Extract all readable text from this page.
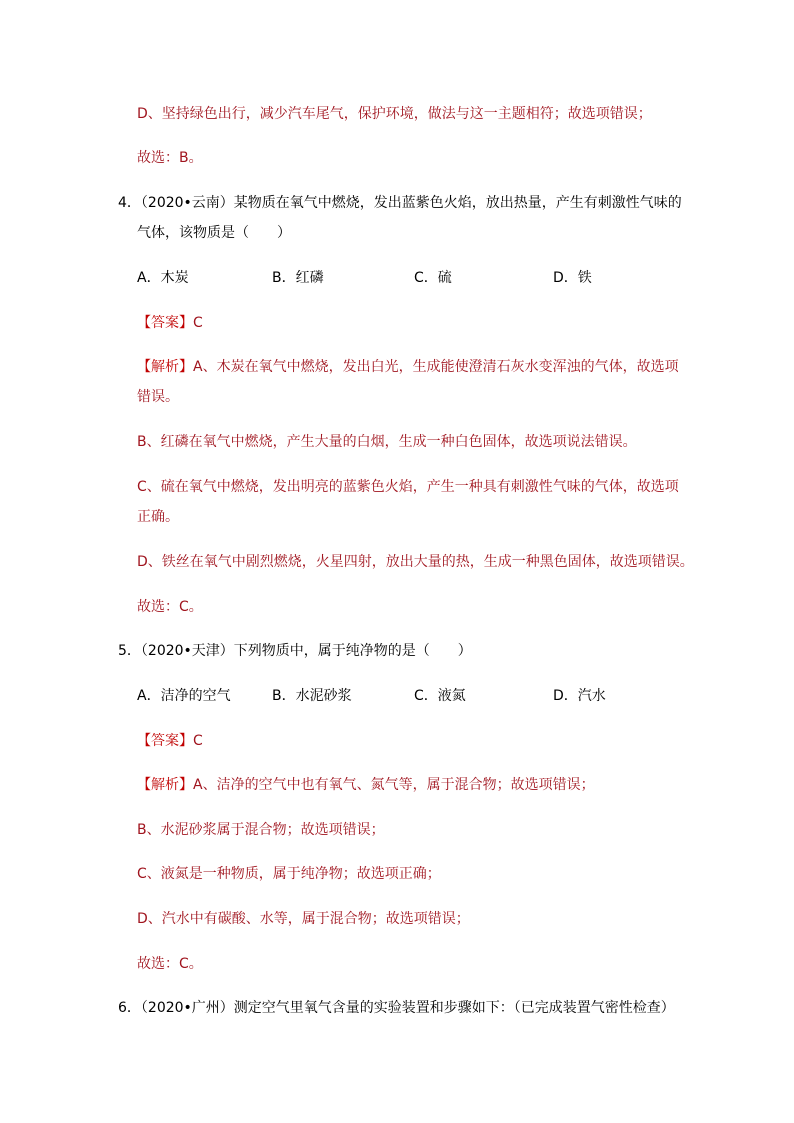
D、坚持绿色出行，减少汽车尾气，保护环境，做法与这一主题相符；故选项错误；
故选：B。
4．（2020•云南）某物质在氧气中燃烧，发出蓝紫色火焰，放出热量，产生有刺激性气味的
气体，该物质是（　　）
A．木炭	B．红磷	C．硫	D．铁
【答案】C
【解析】A、木炭在氧气中燃烧，发出白光，生成能使澄清石灰水变浑浊的气体，故选项
错误。
B、红磷在氧气中燃烧，产生大量的白烟，生成一种白色固体，故选项说法错误。
C、硫在氧气中燃烧，发出明亮的蓝紫色火焰，产生一种具有刺激性气味的气体，故选项
正确。
D、铁丝在氧气中剧烈燃烧，火星四射，放出大量的热，生成一种黑色固体，故选项错误。
故选：C。
5．（2020•天津）下列物质中，属于纯净物的是（　　）
A．洁净的空气	B．水泥砂浆	C．液氮	D．汽水
【答案】C
【解析】A、洁净的空气中也有氧气、氮气等，属于混合物；故选项错误；
B、水泥砂浆属于混合物；故选项错误；
C、液氮是一种物质，属于纯净物；故选项正确；
D、汽水中有碳酸、水等，属于混合物；故选项错误；
故选：C。
6．（2020•广州）测定空气里氧气含量的实验装置和步骤如下：（已完成装置气密性检查）
